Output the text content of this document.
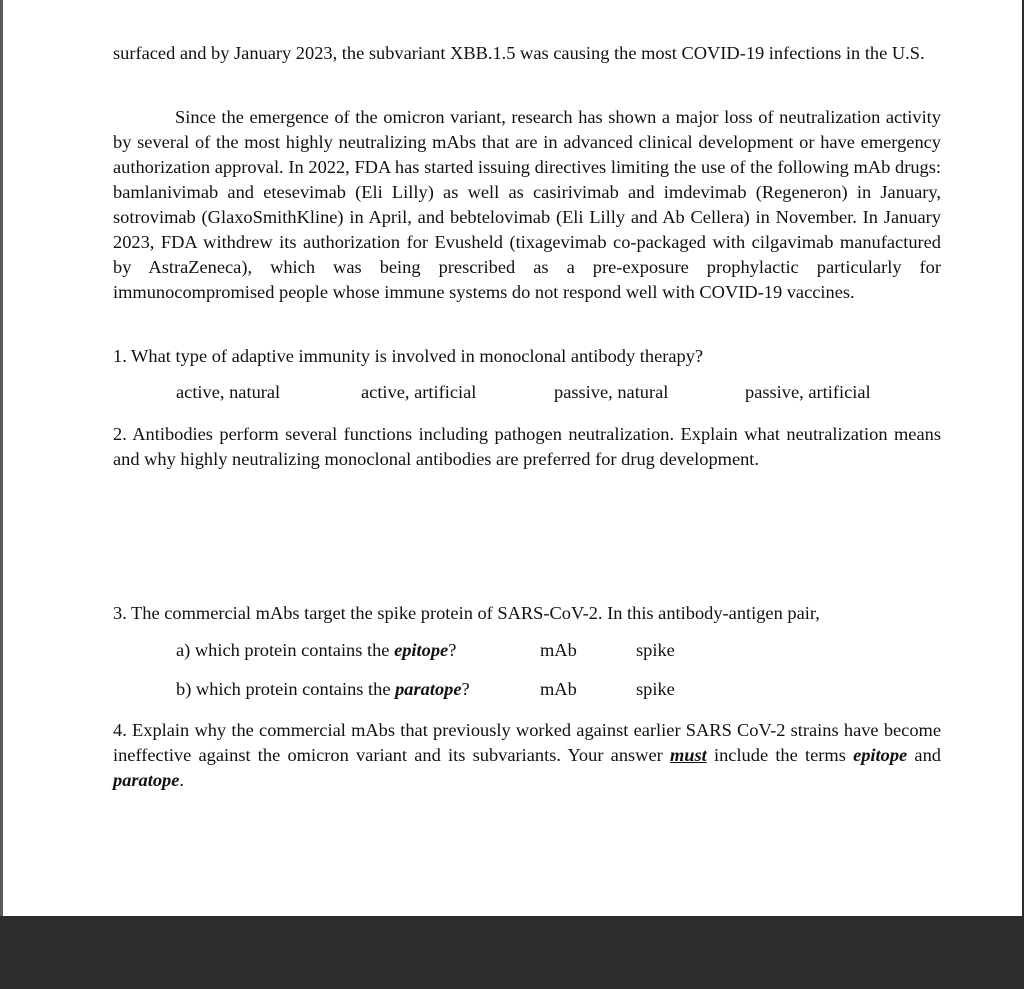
surfaced and by January 2023, the subvariant XBB.1.5 was causing the most COVID-19 infections in the U.S.
Since the emergence of the omicron variant, research has shown a major loss of neutralization activity by several of the most highly neutralizing mAbs that are in advanced clinical development or have emergency authorization approval. In 2022, FDA has started issuing directives limiting the use of the following mAb drugs: bamlanivimab and etesevimab (Eli Lilly) as well as casirivimab and imdevimab (Regeneron) in January, sotrovimab (GlaxoSmithKline) in April, and bebtelovimab (Eli Lilly and Ab Cellera) in November. In January 2023, FDA withdrew its authorization for Evusheld (tixagevimab co-packaged with cilgavimab manufactured by AstraZeneca), which was being prescribed as a pre-exposure prophylactic particularly for immunocompromised people whose immune systems do not respond well with COVID-19 vaccines.
1. What type of adaptive immunity is involved in monoclonal antibody therapy?
active, natural	active, artificial	passive, natural	passive, artificial
2. Antibodies perform several functions including pathogen neutralization. Explain what neutralization means and why highly neutralizing monoclonal antibodies are preferred for drug development.
3. The commercial mAbs target the spike protein of SARS-CoV-2. In this antibody-antigen pair,
a) which protein contains the epitope?	mAb	spike
b) which protein contains the paratope?	mAb	spike
4. Explain why the commercial mAbs that previously worked against earlier SARS CoV-2 strains have become ineffective against the omicron variant and its subvariants. Your answer must include the terms epitope and paratope.
